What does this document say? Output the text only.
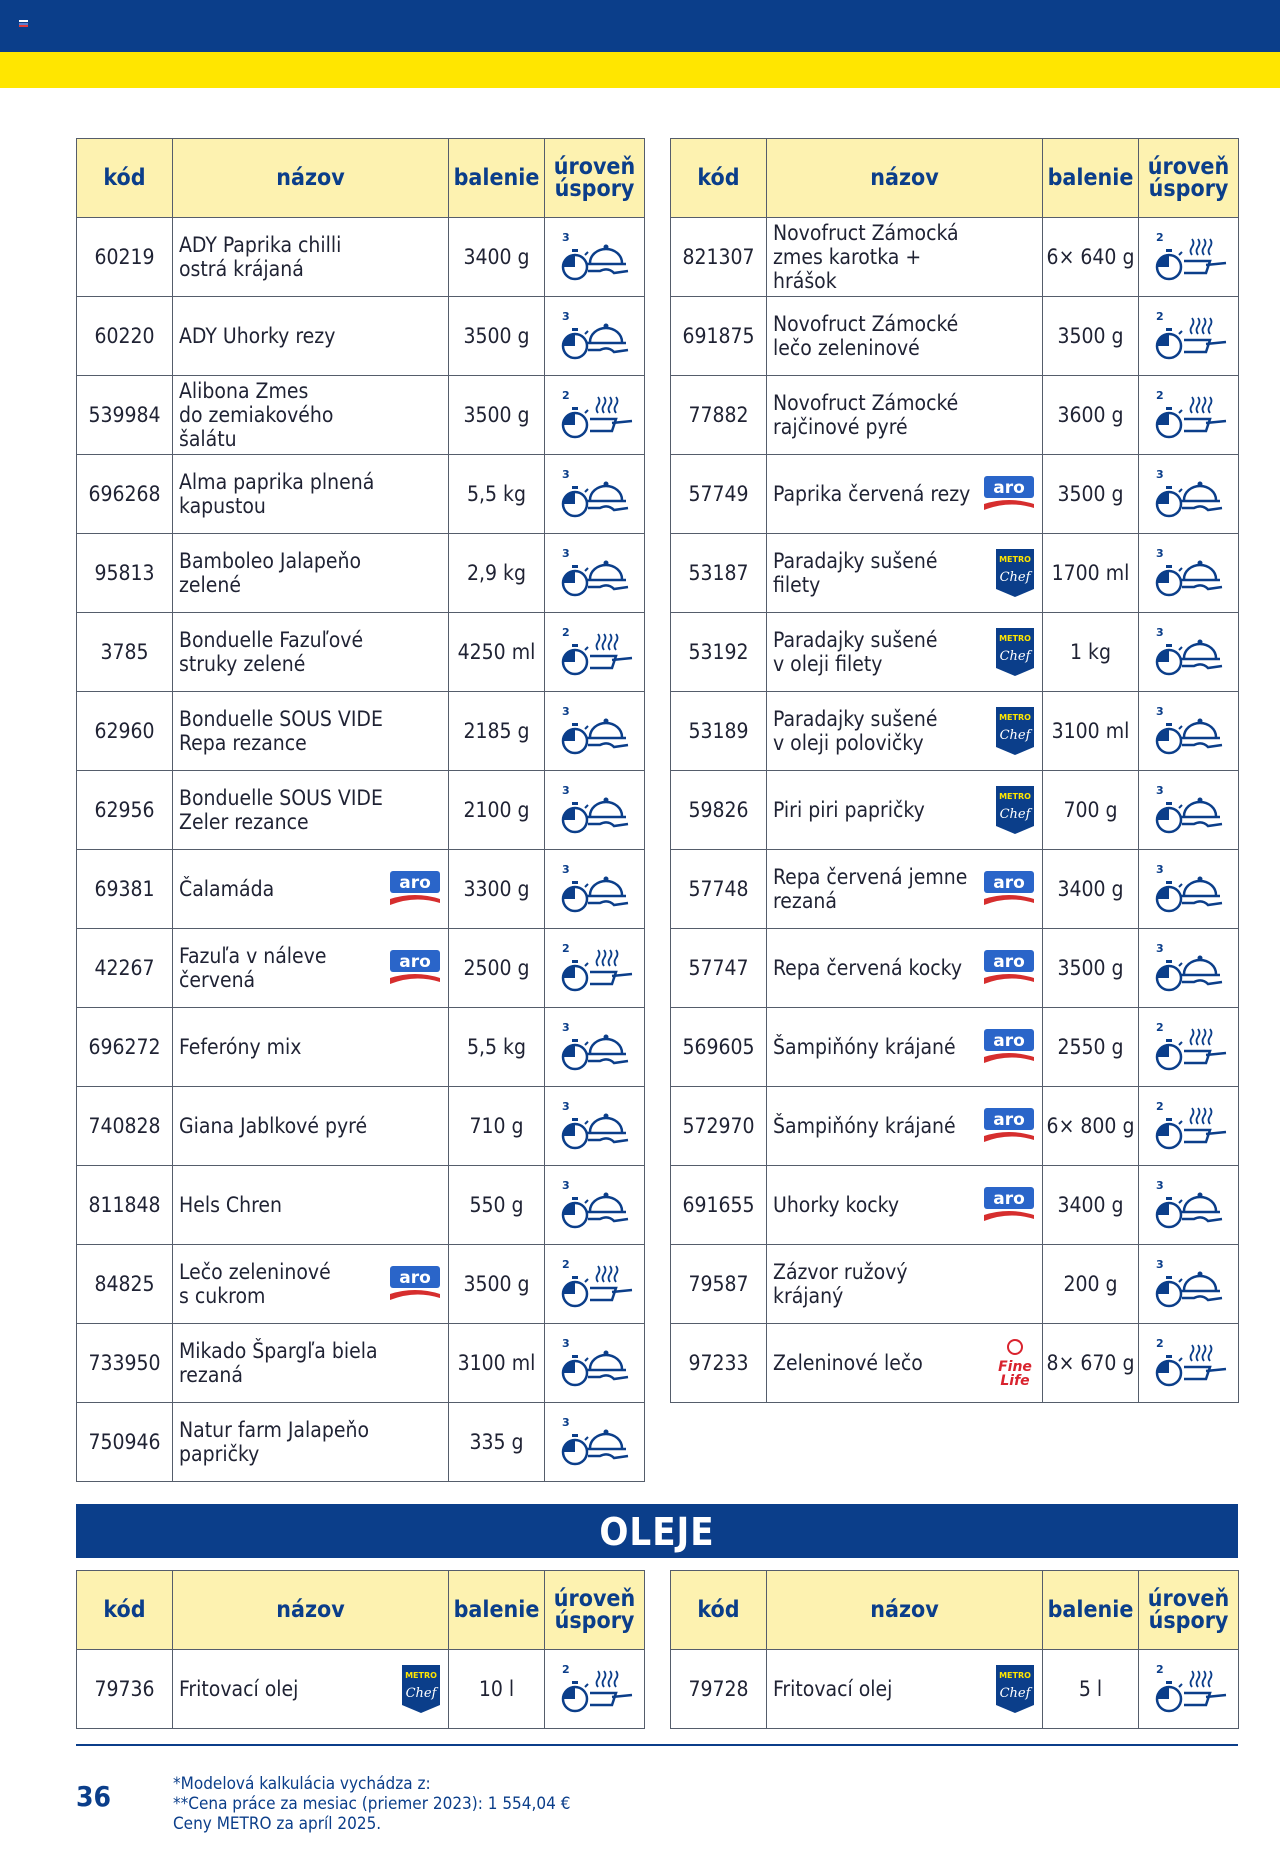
kód	názov	balenie	úroveň
úspory

60219	ADY Paprika chilli
ostrá krájaná	3400 g	3

60220	ADY Uhorky rezy	3500 g	3

539984	Alibona Zmes
do zemiakového
šalátu	3500 g	2

696268	Alma paprika plnená
kapustou	5,5 kg	3

95813	Bamboleo Jalapeňo
zelené	2,9 kg	3

3785	Bonduelle Fazuľové
struky zelené	4250 ml	2

62960	Bonduelle SOUS VIDE
Repa rezance	2185 g	3

62956	Bonduelle SOUS VIDE
Zeler rezance	2100 g	3

69381	Čalamáda aro	3300 g	3

42267	Fazuľa v náleve
červená
aro	2500 g	2

696272	Feferóny mix	5,5 kg	3

740828	Giana Jablkové pyré	710 g	3

811848	Hels Chren	550 g	3

84825	Lečo zeleninové
s cukrom
aro	3500 g	2

733950	Mikado Špargľa biela
rezaná	3100 ml	3

750946	Natur farm Jalapeňo
papričky	335 g	3
kód	názov	balenie	úroveň
úspory

821307	Novofruct Zámocká
zmes karotka + hrášok	6× 640 g	2

691875	Novofruct Zámocké
lečo zeleninové	3500 g	2

77882	Novofruct Zámocké
rajčinové pyré	3600 g	2

57749	Paprika červená rezy aro	3500 g	3

53187	Paradajky sušené
filety
METRO
Chef	1700 ml	3

53192	Paradajky sušené
v oleji filety
METRO
Chef	1 kg	3

53189	Paradajky sušené
v oleji polovičky
METRO
Chef	3100 ml	3

59826	Piri piri papričky
METRO
Chef	700 g	3

57748	Repa červená jemne
rezaná
aro	3400 g	3

57747	Repa červená kocky aro	3500 g	3

569605	Šampiňóny krájané aro	2550 g	2

572970	Šampiňóny krájané aro	6× 800 g	2

691655	Uhorky kocky aro	3400 g	3

79587	Zázvor ružový krájaný	200 g	3

97233	Zeleninové lečo Fine
Life	8× 670 g	2
OLEJE
kód	názov	balenie	úroveň
úspory

79736	Fritovací olej
METRO
Chef	10 l	2
kód	názov	balenie	úroveň
úspory

79728	Fritovací olej
METRO
Chef	5 l	2
36	*Modelová kalkulácia vychádza z:
**Cena práce za mesiac (priemer 2023): 1 554,04 €
Ceny METRO za apríl 2025.
